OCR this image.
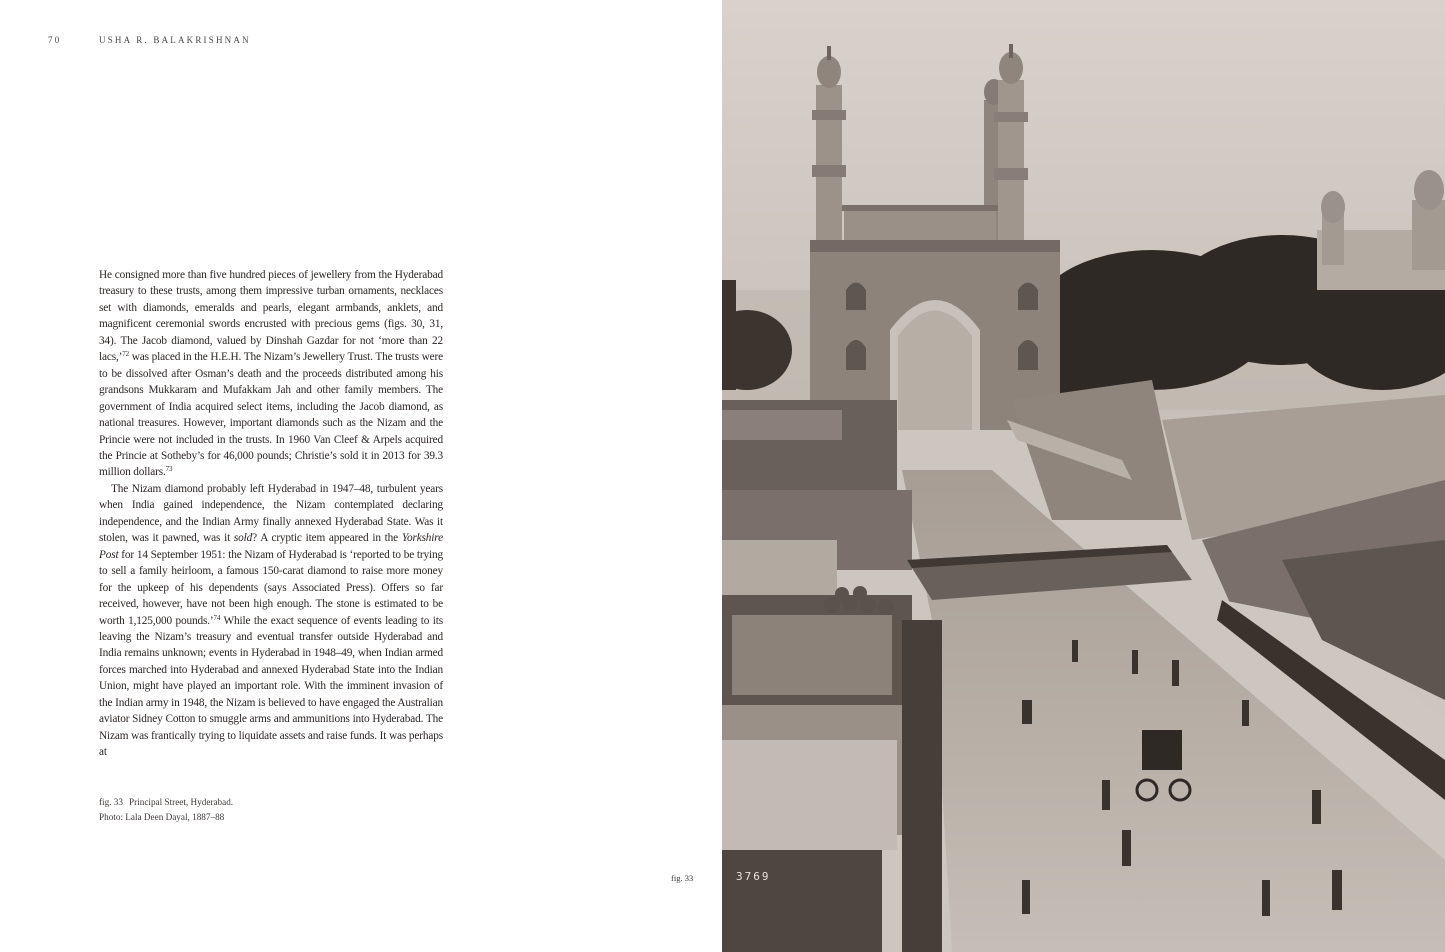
70	USHA R. BALAKRISHNAN

He consigned more than five hundred pieces of jewellery from the Hyderabad treasury to these trusts, among them impressive turban ornaments, necklaces set with diamonds, emeralds and pearls, elegant armbands, anklets, and magnificent ceremonial swords encrusted with precious gems (figs. 30, 31, 34). The Jacob diamond, valued by Dinshah Gazdar for not ‘more than 22 lacs,’$^{72}$ was placed in the H.E.H. The Nizam’s Jewellery Trust. The trusts were to be dissolved after Osman’s death and the proceeds distributed among his grandsons Mukkaram and Mufakkam Jah and other family members. The government of India acquired select items, including the Jacob diamond, as national treasures. However, important diamonds such as the Nizam and the Princie were not included in the trusts. In 1960 Van Cleef & Arpels acquired the Princie at Sotheby’s for 46,000 pounds; Christie’s sold it in 2013 for 39.3 million dollars.$^{73}$

The Nizam diamond probably left Hyderabad in 1947–48, turbulent years when India gained independence, the Nizam contemplated declaring independence, and the Indian Army finally annexed Hyderabad State. Was it stolen, was it pawned, was it sold? A cryptic item appeared in the Yorkshire Post for 14 September 1951: the Nizam of Hyderabad is ‘reported to be trying to sell a family heirloom, a famous 150-carat diamond to raise more money for the upkeep of his dependents (says Associated Press). Offers so far received, however, have not been high enough. The stone is estimated to be worth 1,125,000 pounds.’$^{74}$ While the exact sequence of events leading to its leaving the Nizam’s treasury and eventual transfer outside Hyderabad and India remains unknown; events in Hyderabad in 1948–49, when Indian armed forces marched into Hyderabad and annexed Hyderabad State into the Indian Union, might have played an important role. With the imminent invasion of the Indian army in 1948, the Nizam is believed to have engaged the Australian aviator Sidney Cotton to smuggle arms and ammunitions into Hyderabad. The Nizam was frantically trying to liquidate assets and raise funds. It was perhaps at

fig. 33 Principal Street, Hyderabad.
Photo: Lala Deen Dayal, 1887–88
fig. 33	3769
